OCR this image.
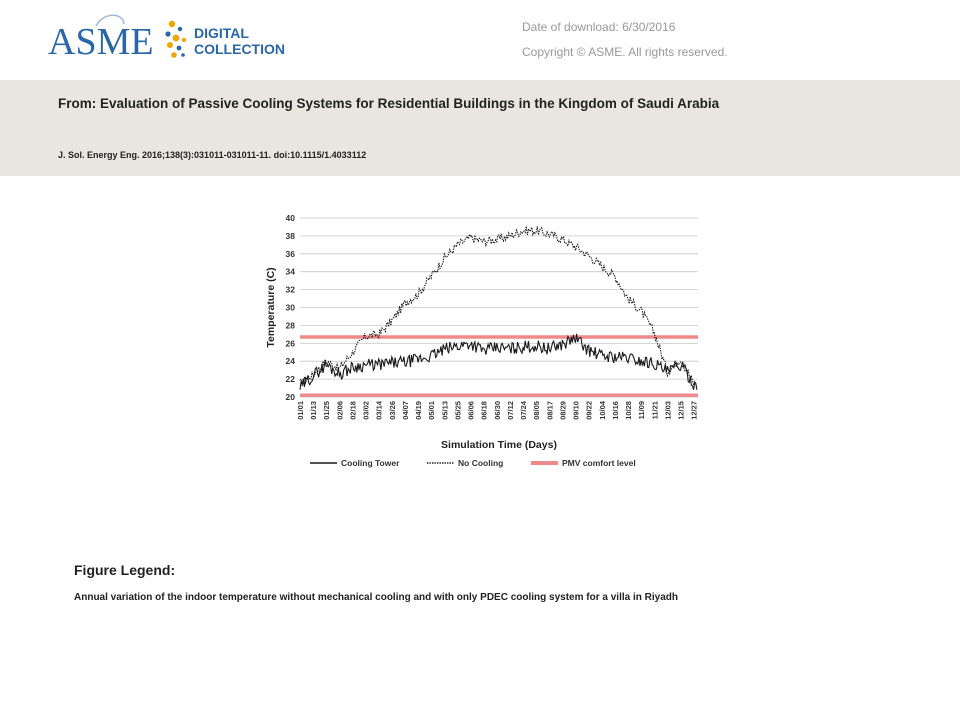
ASME	DIGITAL
COLLECTION
Date of download: 6/30/2016
Copyright © ASME. All rights reserved.
From: Evaluation of Passive Cooling Systems for Residential Buildings in the Kingdom of Saudi Arabia
J. Sol. Energy Eng. 2016;138(3):031011-031011-11. doi:10.1115/1.4033112
20
22
24
26
28
30
32
34
36
38
40
01/01 01/13 01/25 02/06 02/18 03/02 03/14 03/26 04/07 04/19 05/01 05/13 05/25 06/06 06/18 06/30 07/12 07/24 08/05 08/17 08/29 09/10 09/22 10/04 10/16 10/28 11/09 11/21 12/03 12/15 12/27
Simulation Time (Days)
Temperature (C)
Cooling Tower	No Cooling	PMV comfort level
Figure Legend:
Annual variation of the indoor temperature without mechanical cooling and with only PDEC cooling system for a villa in Riyadh
